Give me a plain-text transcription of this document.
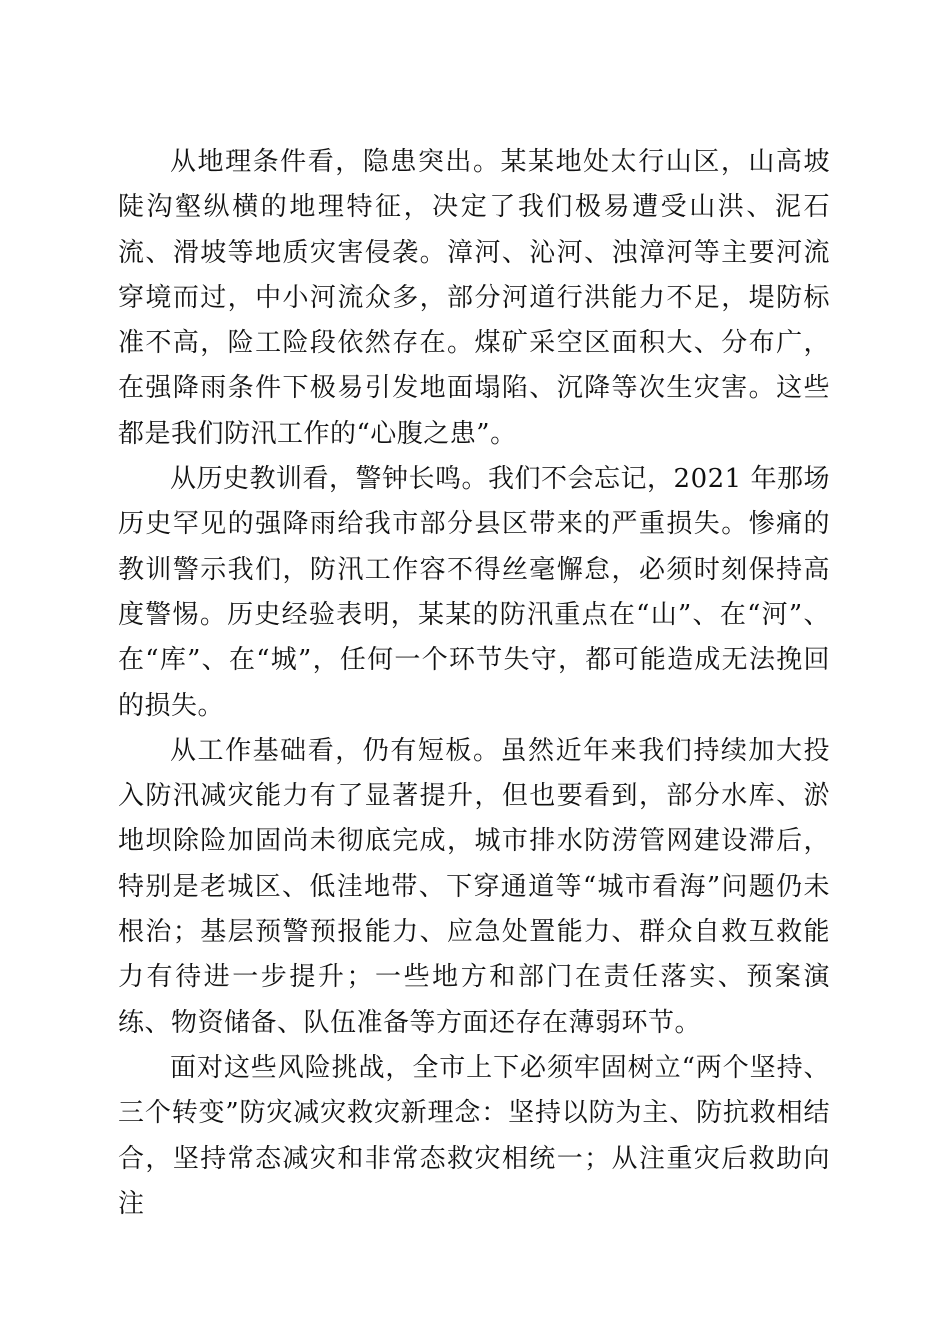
从地理条件看，隐患突出。某某地处太行山区，山高坡陡沟壑纵横的地理特征，决定了我们极易遭受山洪、泥石流、滑坡等地质灾害侵袭。漳河、沁河、浊漳河等主要河流穿境而过，中小河流众多，部分河道行洪能力不足，堤防标准不高，险工险段依然存在。煤矿采空区面积大、分布广，在强降雨条件下极易引发地面塌陷、沉降等次生灾害。这些都是我们防汛工作的“心腹之患”。

从历史教训看，警钟长鸣。我们不会忘记，2021 年那场历史罕见的强降雨给我市部分县区带来的严重损失。惨痛的教训警示我们，防汛工作容不得丝毫懈怠，必须时刻保持高度警惕。历史经验表明，某某的防汛重点在“山”、在“河”、在“库”、在“城”，任何一个环节失守，都可能造成无法挽回的损失。

从工作基础看，仍有短板。虽然近年来我们持续加大投入防汛减灾能力有了显著提升，但也要看到，部分水库、淤地坝除险加固尚未彻底完成，城市排水防涝管网建设滞后，特别是老城区、低洼地带、下穿通道等“城市看海”问题仍未根治；基层预警预报能力、应急处置能力、群众自救互救能力有待进一步提升；一些地方和部门在责任落实、预案演练、物资储备、队伍准备等方面还存在薄弱环节。

面对这些风险挑战，全市上下必须牢固树立“两个坚持、三个转变”防灾减灾救灾新理念：坚持以防为主、防抗救相结合，坚持常态减灾和非常态救灾相统一；从注重灾后救助向注
